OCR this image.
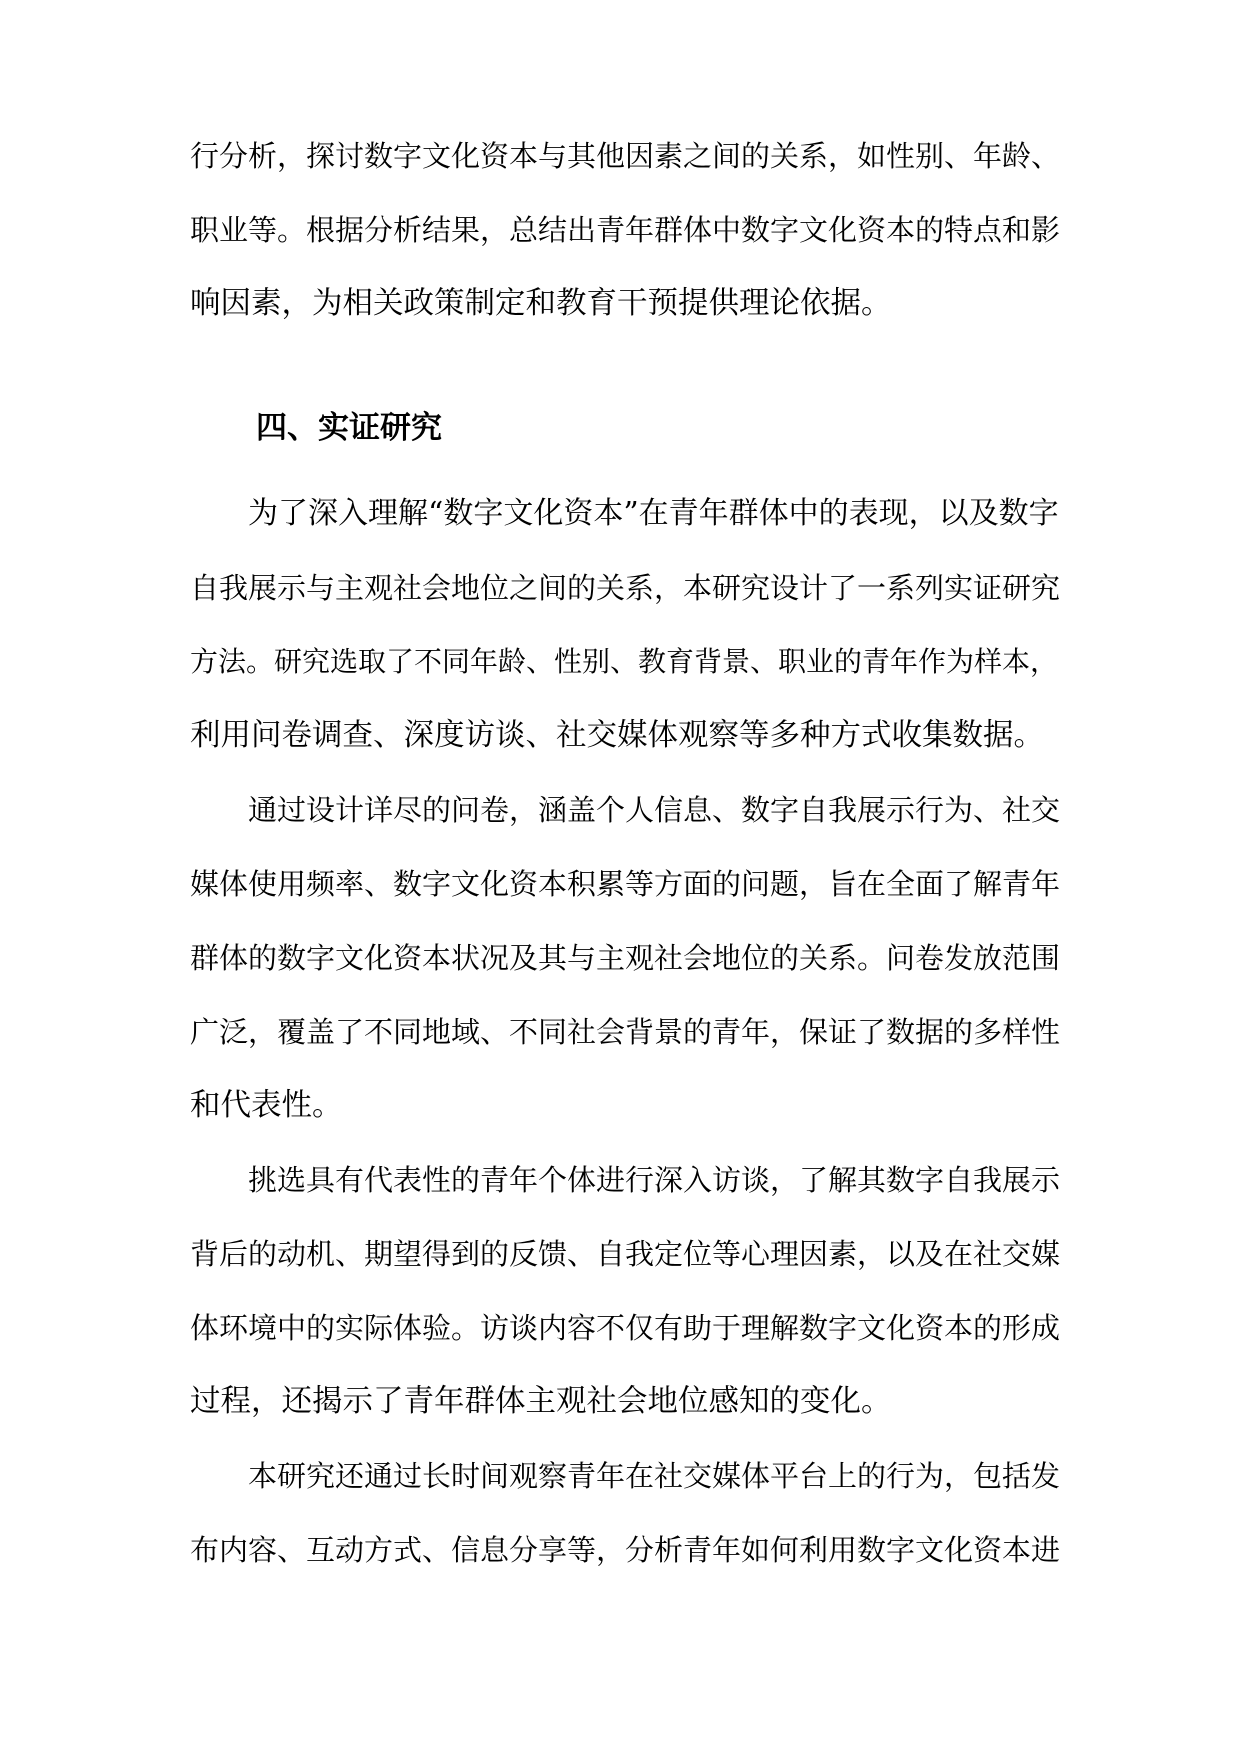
行分析，探讨数字文化资本与其他因素之间的关系，如性别、年龄、
职业等。根据分析结果，总结出青年群体中数字文化资本的特点和影
响因素，为相关政策制定和教育干预提供理论依据。
四、实证研究
为了深入理解“数字文化资本”在青年群体中的表现，以及数字
自我展示与主观社会地位之间的关系，本研究设计了一系列实证研究
方法。研究选取了不同年龄、性别、教育背景、职业的青年作为样本，
利用问卷调查、深度访谈、社交媒体观察等多种方式收集数据。
通过设计详尽的问卷，涵盖个人信息、数字自我展示行为、社交
媒体使用频率、数字文化资本积累等方面的问题，旨在全面了解青年
群体的数字文化资本状况及其与主观社会地位的关系。问卷发放范围
广泛，覆盖了不同地域、不同社会背景的青年，保证了数据的多样性
和代表性。
挑选具有代表性的青年个体进行深入访谈，了解其数字自我展示
背后的动机、期望得到的反馈、自我定位等心理因素，以及在社交媒
体环境中的实际体验。访谈内容不仅有助于理解数字文化资本的形成
过程，还揭示了青年群体主观社会地位感知的变化。
本研究还通过长时间观察青年在社交媒体平台上的行为，包括发
布内容、互动方式、信息分享等，分析青年如何利用数字文化资本进
